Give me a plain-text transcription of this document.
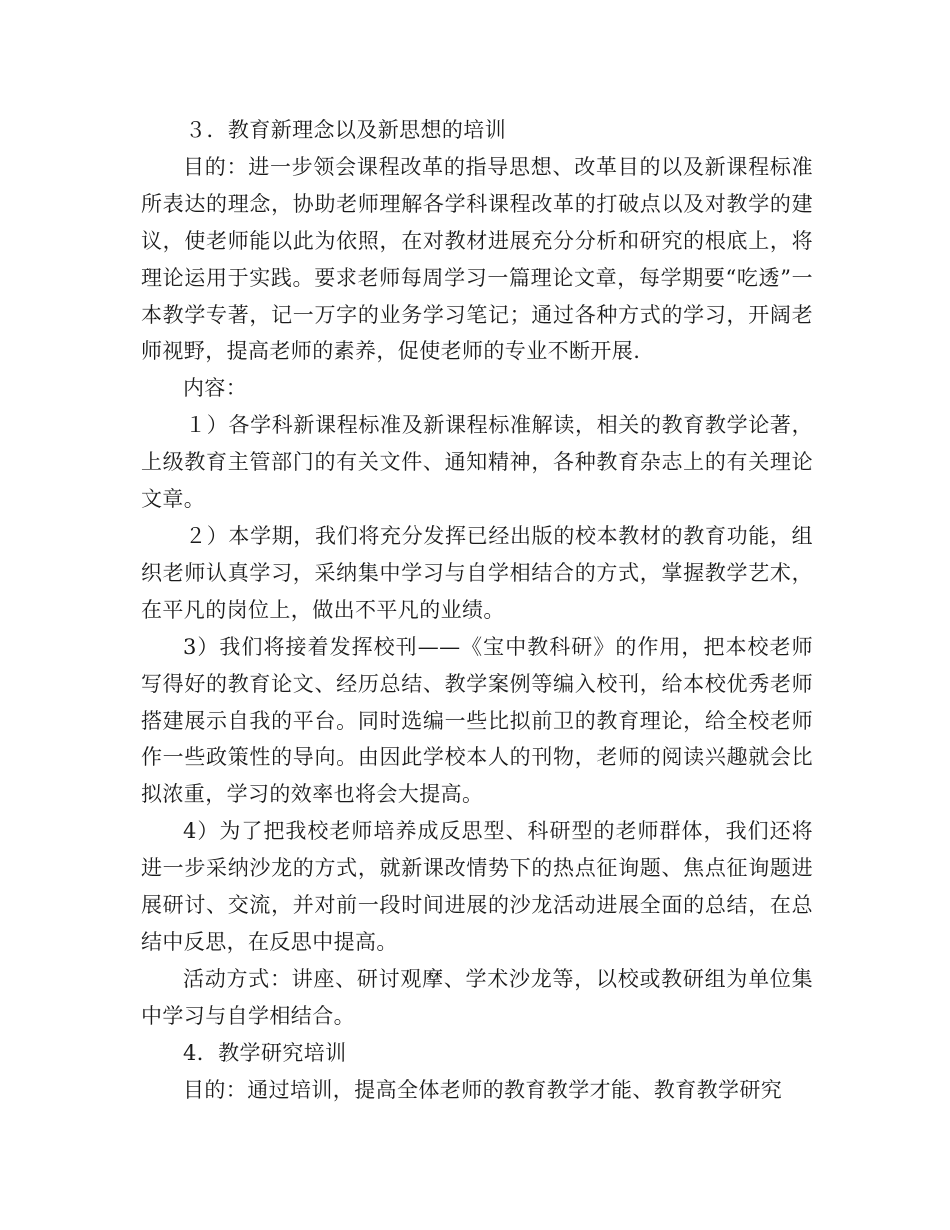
３．教育新理念以及新思想的培训

目的：进一步领会课程改革的指导思想、改革目的以及新课程标准所表达的理念，协助老师理解各学科课程改革的打破点以及对教学的建议，使老师能以此为依照，在对教材进展充分分析和研究的根底上，将理论运用于实践。要求老师每周学习一篇理论文章，每学期要“吃透”一本教学专著，记一万字的业务学习笔记；通过各种方式的学习，开阔老师视野，提高老师的素养，促使老师的专业不断开展.

内容：

１）各学科新课程标准及新课程标准解读，相关的教育教学论著，上级教育主管部门的有关文件、通知精神，各种教育杂志上的有关理论文章。

２）本学期，我们将充分发挥已经出版的校本教材的教育功能，组织老师认真学习，采纳集中学习与自学相结合的方式，掌握教学艺术，在平凡的岗位上，做出不平凡的业绩。

3）我们将接着发挥校刊——《宝中教科研》的作用，把本校老师写得好的教育论文、经历总结、教学案例等编入校刊，给本校优秀老师搭建展示自我的平台。同时选编一些比拟前卫的教育理论，给全校老师作一些政策性的导向。由因此学校本人的刊物，老师的阅读兴趣就会比拟浓重，学习的效率也将会大提高。

4）为了把我校老师培养成反思型、科研型的老师群体，我们还将进一步采纳沙龙的方式，就新课改情势下的热点征询题、焦点征询题进展研讨、交流，并对前一段时间进展的沙龙活动进展全面的总结，在总结中反思，在反思中提高。

活动方式：讲座、研讨观摩、学术沙龙等，以校或教研组为单位集中学习与自学相结合。

4．教学研究培训

目的：通过培训，提高全体老师的教育教学才能、教育教学研究
